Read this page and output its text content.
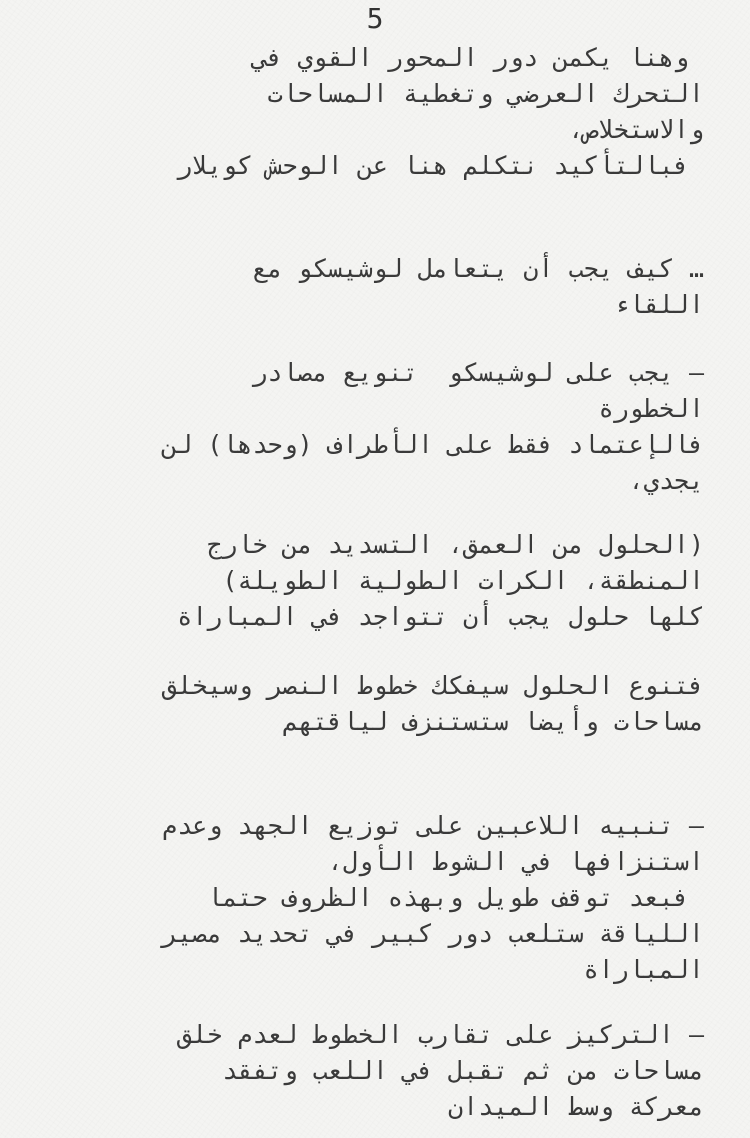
5
وهنا يكمن دور المحور القوي في
التحرك العرضي وتغطية المساحات
والاستخلاص،
فبالتأكيد نتكلم هنا عن الوحش كويلار
… كيف يجب أن يتعامل لوشيسكو مع
اللقاء
– يجب على لوشيسكو  تنويع مصادر
الخطورة
فالإعتماد فقط على الأطراف (وحدها) لن
يجدي،
(الحلول من العمق، التسديد من خارج
المنطقة، الكرات الطولية الطويلة)
كلها حلول يجب أن تتواجد في المباراة
فتنوع الحلول سيفكك خطوط النصر وسيخلق
مساحات وأيضا ستستنزف لياقتهم
– تنبيه اللاعبين على توزيع الجهد وعدم
استنزافها في الشوط الأول،
فبعد توقف طويل وبهذه الظروف حتما
اللياقة ستلعب دور كبير في تحديد مصير
المباراة
– التركيز على تقارب الخطوط لعدم خلق
مساحات من ثم تقبل في اللعب وتفقد
معركة وسط الميدان
